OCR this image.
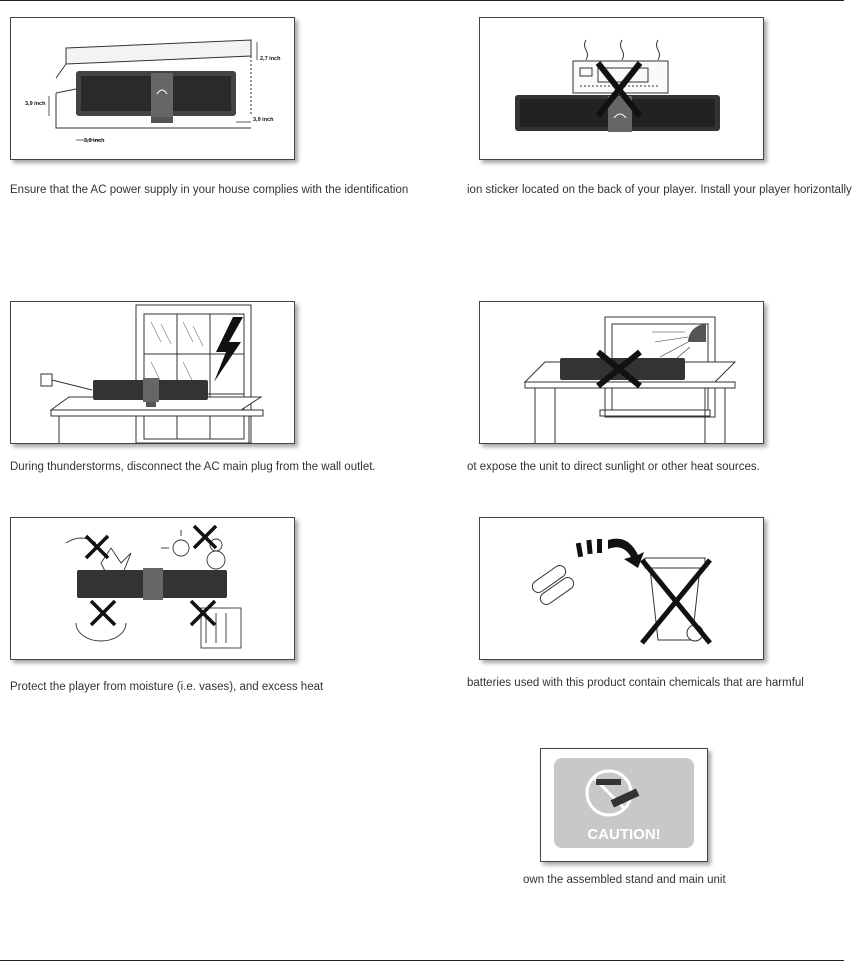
2,7 inch
3,9 inch
3,9 inch
3,9 inch
Ensure that the AC power supply in your house complies with the identification	ion sticker located on the back of your player. Install your player horizontally
During thunderstorms, disconnect the AC main plug from the wall outlet.	ot expose the unit to direct sunlight or other heat sources.
Protect the player from moisture (i.e. vases), and excess heat	batteries used with this product contain chemicals that are harmful
CAUTION!
own the assembled stand and main unit
